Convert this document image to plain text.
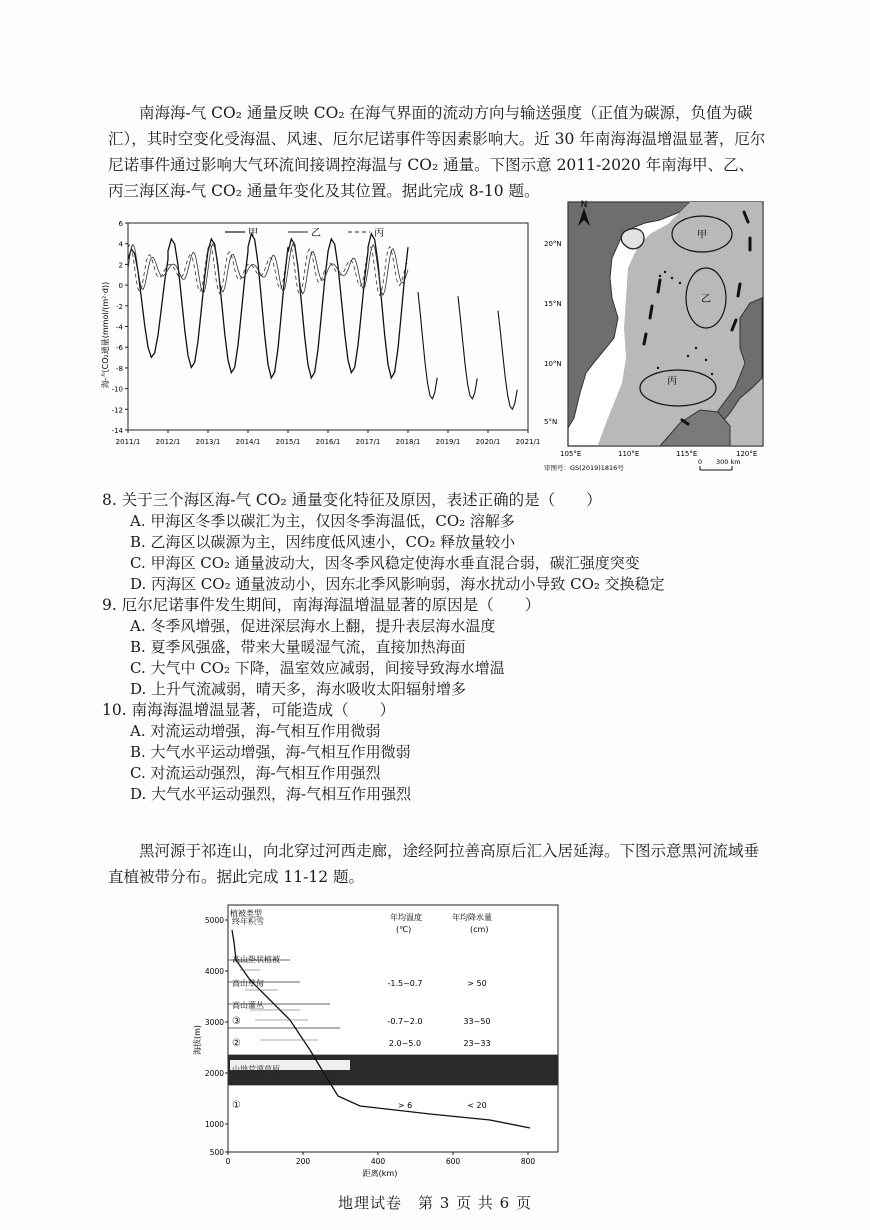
南海海-气 CO₂ 通量反映 CO₂ 在海气界面的流动方向与输送强度（正值为碳源，负值为碳汇），其时空变化受海温、风速、厄尔尼诺事件等因素影响大。近 30 年南海海温增温显著，厄尔尼诺事件通过影响大气环流间接调控海温与 CO₂ 通量。下图示意 2011-2020 年南海甲、乙、丙三海区海-气 CO₂ 通量年变化及其位置。据此完成 8-10 题。
6
4
2
0
-2
-4
-6
-8
-10
-12
-14
2011/1 2012/1 2013/1 2014/1 2015/1 2016/1 2017/1 2018/1 2019/1 2020/1 2021/1
海-气CO₂通量(mmol/(m²·d))
甲	乙	丙	甲
乙
丙
N
20°N
15°N
10°N
5°N
105°E	110°E	115°E	120°E
审图号：GS(2019)1816号
0 300 km
8. 关于三个海区海-气 CO₂ 通量变化特征及原因，表述正确的是（　　）
A. 甲海区冬季以碳汇为主，仅因冬季海温低，CO₂ 溶解多
B. 乙海区以碳源为主，因纬度低风速小，CO₂ 释放量较小
C. 甲海区 CO₂ 通量波动大，因冬季风稳定使海水垂直混合弱，碳汇强度突变
D. 丙海区 CO₂ 通量波动小，因东北季风影响弱，海水扰动小导致 CO₂ 交换稳定
9. 厄尔尼诺事件发生期间，南海海温增温显著的原因是（　　）
A. 冬季风增强，促进深层海水上翻，提升表层海水温度
B. 夏季风强盛，带来大量暖湿气流，直接加热海面
C. 大气中 CO₂ 下降，温室效应减弱，间接导致海水增温
D. 上升气流减弱，晴天多，海水吸收太阳辐射增多
10. 南海海温增温显著，可能造成（　　）
A. 对流运动增强，海-气相互作用微弱
B. 大气水平运动增强，海-气相互作用微弱
C. 对流运动强烈，海-气相互作用强烈
D. 大气水平运动强烈，海-气相互作用强烈
黑河源于祁连山，向北穿过河西走廊，途经阿拉善高原后汇入居延海。下图示意黑河流域垂直植被带分布。据此完成 11-12 题。
植被类型	年均温度
(℃)
年均降水量
(cm)
终年积雪
高山垫状植被
高山草甸	-1.5~0.7	> 50
高山灌丛
③	-0.7~2.0	33~50
②	2.0~5.0	23~33
山地荒漠草原
①	> 6	< 20
5000
4000
3000
2000
1000
500
0	200	400	600	800
海拔(m)
距离(km)
地理试卷　第 3 页 共 6 页
